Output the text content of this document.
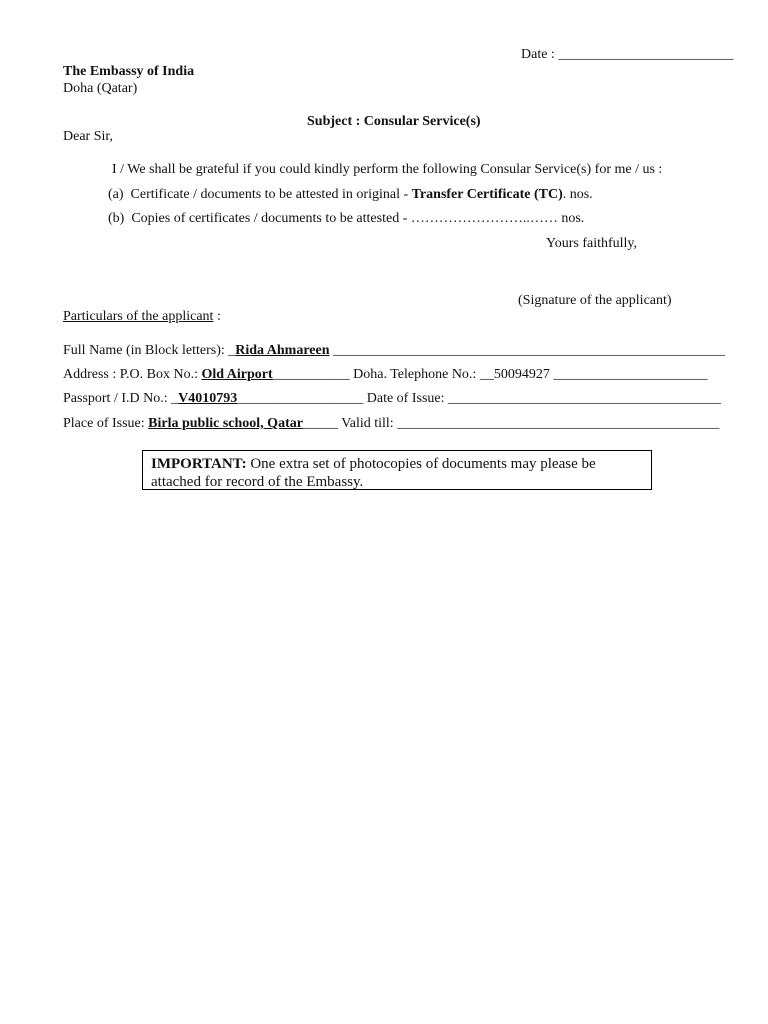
Date : _________________________
The Embassy of India
Doha (Qatar)
Subject : Consular Service(s)
Dear Sir,
I / We shall be grateful if you could kindly perform the following Consular Service(s) for me / us :
(a) Certificate / documents to be attested in original - Transfer Certificate (TC). nos.
(b) Copies of certificates / documents to be attested - ……………………..…… nos.
Yours faithfully,
(Signature of the applicant)
Particulars of the applicant :
Full Name (in Block letters): _Rida Ahmareen ________________________________________________________
Address : P.O. Box No.: Old Airport___________ Doha. Telephone No.: __50094927 ______________________
Passport / I.D No.: _V4010793__________________ Date of Issue: _______________________________________
Place of Issue: Birla public school, Qatar_____ Valid till: ______________________________________________
IMPORTANT: One extra set of photocopies of documents may please be attached for record of the Embassy.
